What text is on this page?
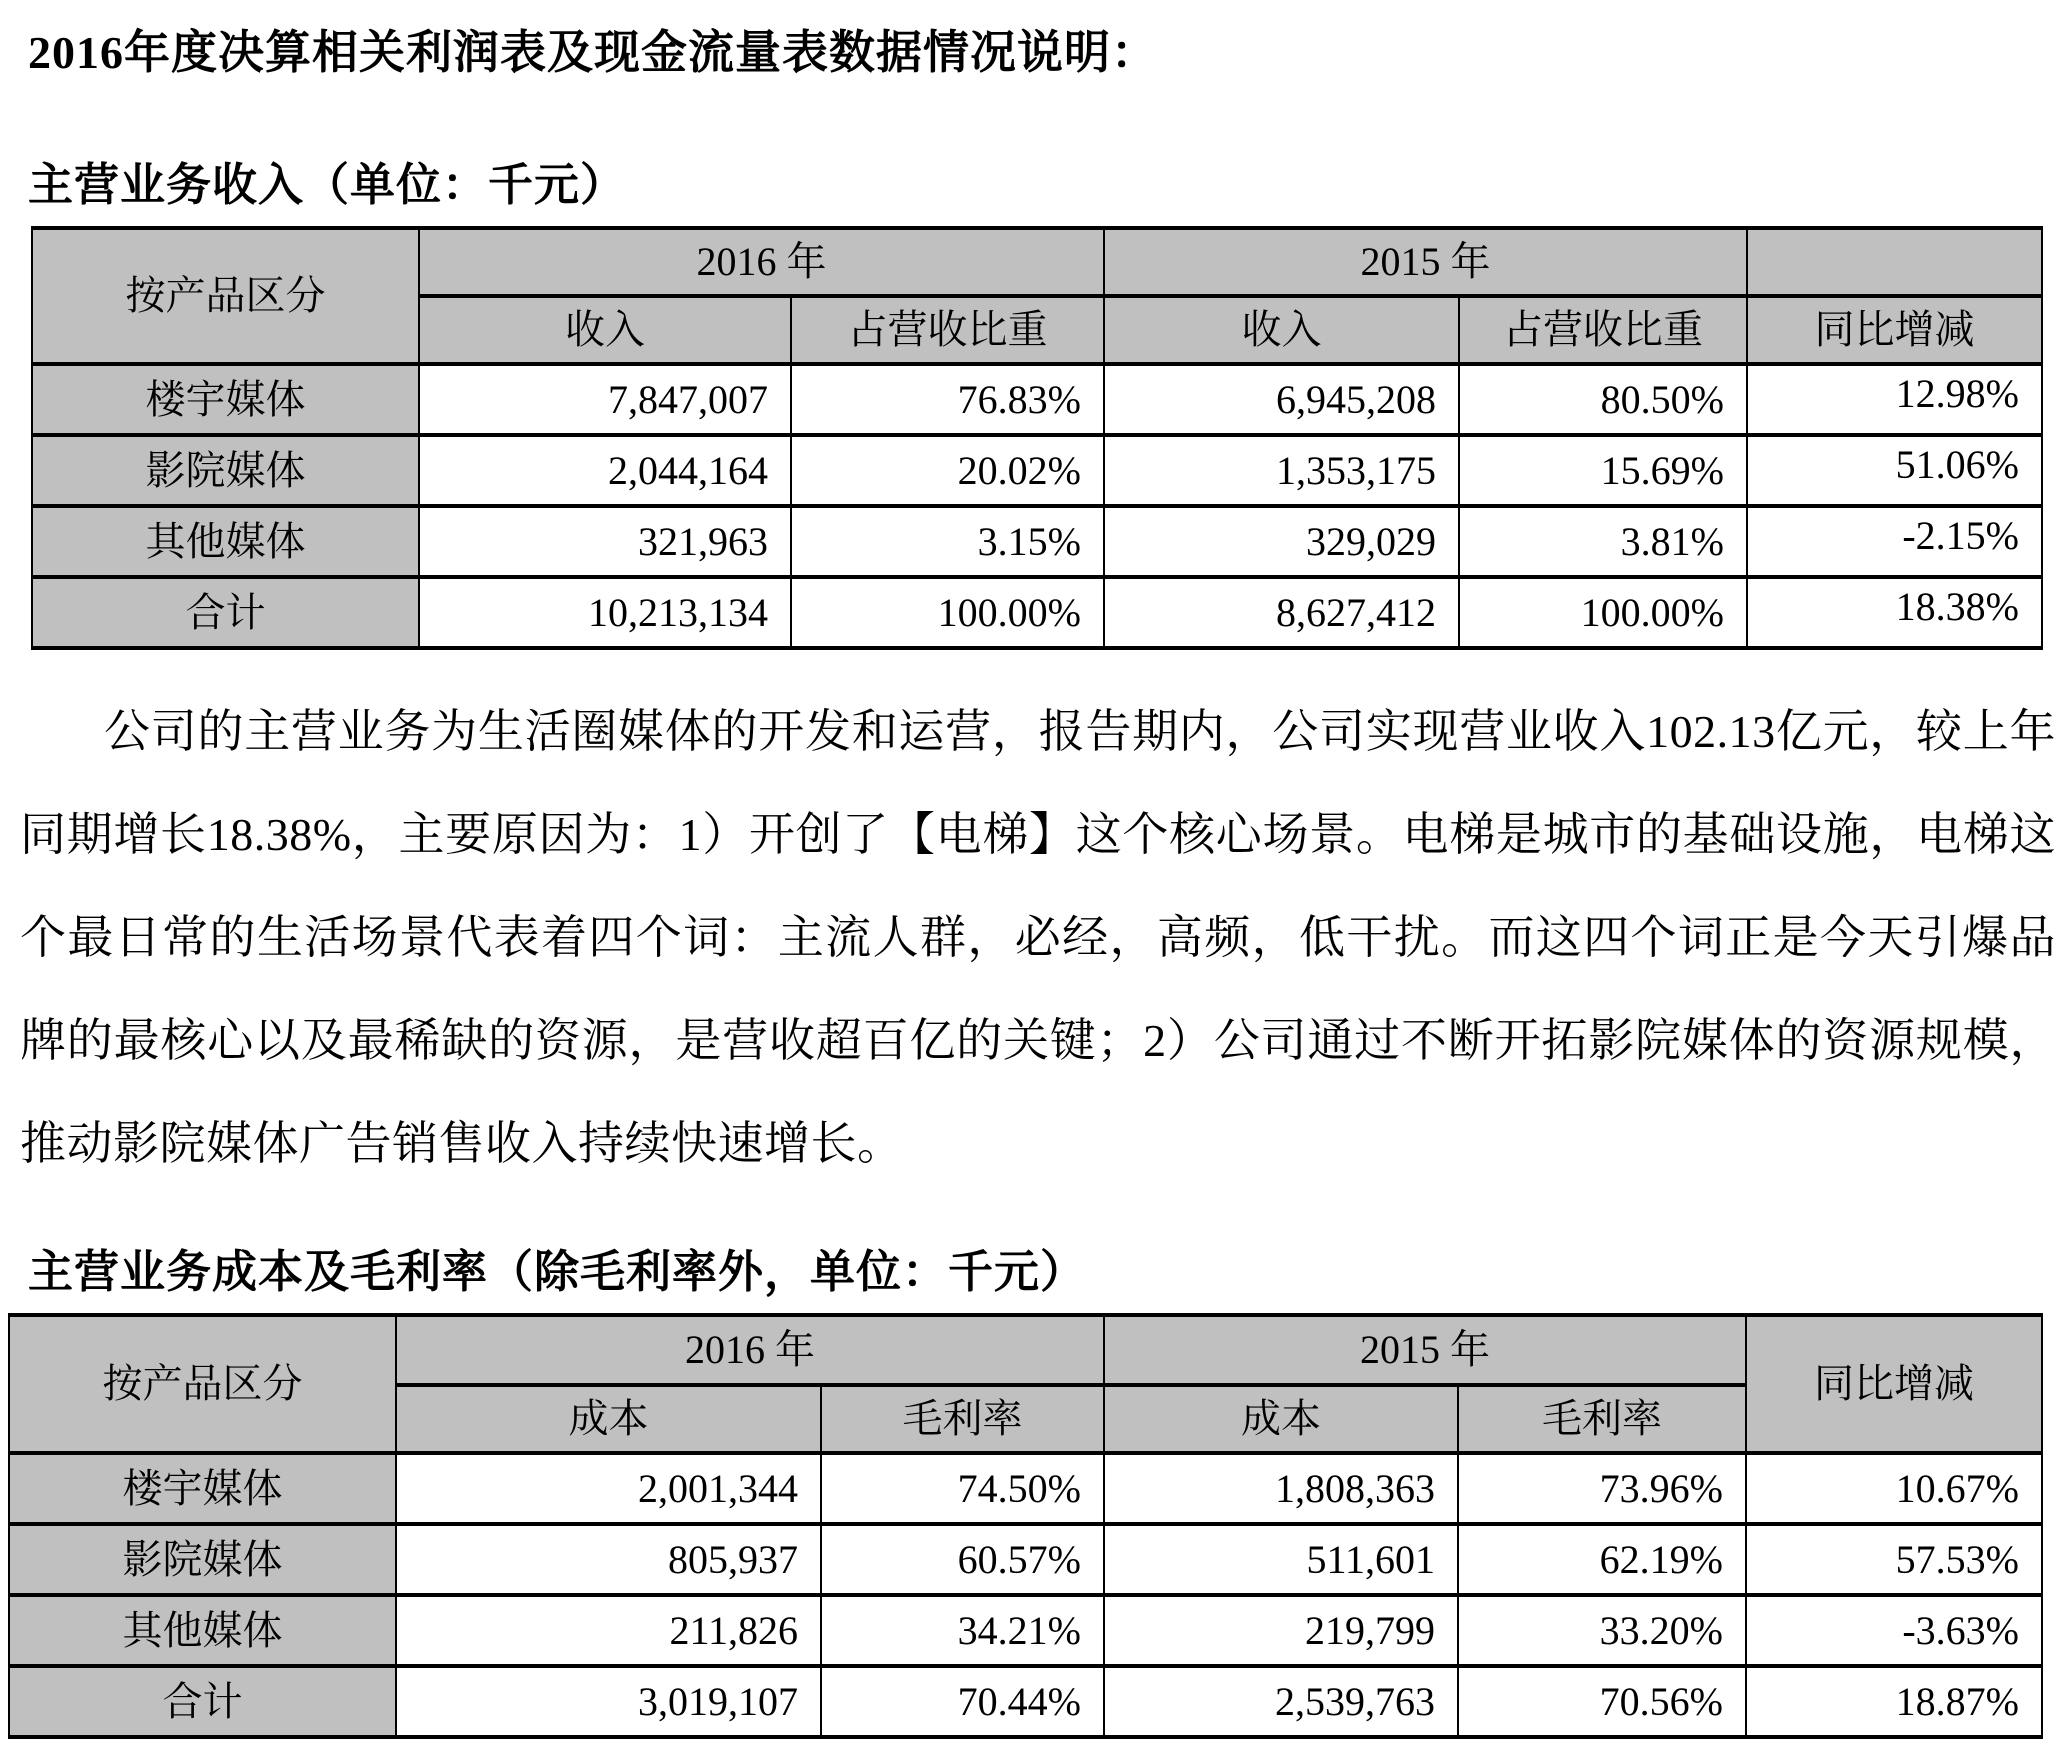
2016年度决算相关利润表及现金流量表数据情况说明：
主营业务收入（单位：千元）
按产品区分	2016 年		2015 年		
	收入	占营收比重	收入	占营收比重	同比增减
楼宇媒体	7,847,007	76.83%	6,945,208	80.50%	12.98%
影院媒体	2,044,164	20.02%	1,353,175	15.69%	51.06%
其他媒体	321,963	3.15%	329,029	3.81%	-2.15%
合计	10,213,134	100.00%	8,627,412	100.00%	18.38%
公司的主营业务为生活圈媒体的开发和运营，报告期内，公司实现营业收入102.13亿元，较上年同期增长18.38%，主要原因为：1）开创了【电梯】这个核心场景。电梯是城市的基础设施，电梯这个最日常的生活场景代表着四个词：主流人群，必经，高频，低干扰。而这四个词正是今天引爆品牌的最核心以及最稀缺的资源，是营收超百亿的关键；2）公司通过不断开拓影院媒体的资源规模，推动影院媒体广告销售收入持续快速增长。
主营业务成本及毛利率（除毛利率外，单位：千元）
按产品区分	2016 年		2015 年		同比增减
	成本	毛利率	成本	毛利率	
楼宇媒体	2,001,344	74.50%	1,808,363	73.96%	10.67%
影院媒体	805,937	60.57%	511,601	62.19%	57.53%
其他媒体	211,826	34.21%	219,799	33.20%	-3.63%
合计	3,019,107	70.44%	2,539,763	70.56%	18.87%
